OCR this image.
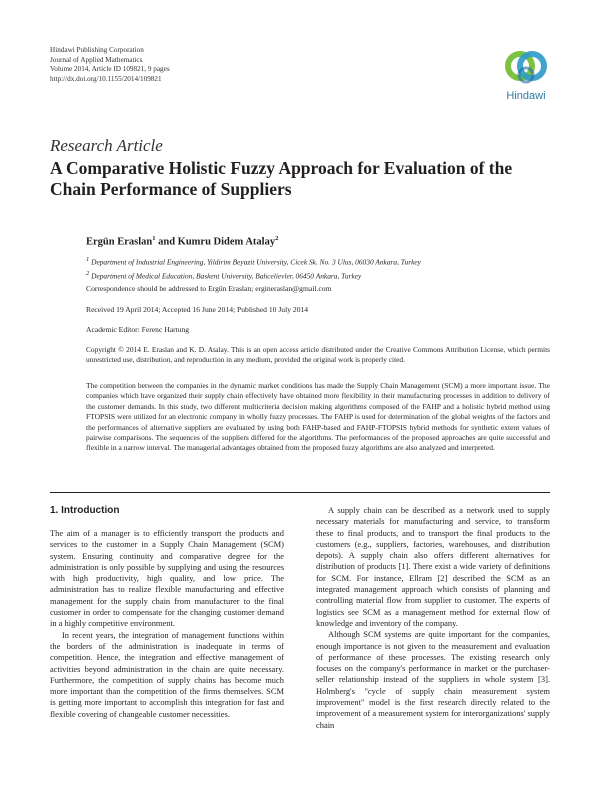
Hindawi Publishing Corporation
Journal of Applied Mathematics
Volume 2014, Article ID 109821, 9 pages
http://dx.doi.org/10.1155/2014/109821
Hindawi
Research Article
A Comparative Holistic Fuzzy Approach for Evaluation of the Chain Performance of Suppliers
Ergün Eraslan$^1$ and Kumru Didem Atalay$^2$
1 Department of Industrial Engineering, Yildirim Beyazit University, Cicek Sk. No. 3 Ulus, 06030 Ankara, Turkey
2 Department of Medical Education, Baskent University, Bahcelievler, 06450 Ankara, Turkey
Correspondence should be addressed to Ergün Eraslan; ergineraslan@gmail.com
Received 19 April 2014; Accepted 16 June 2014; Published 10 July 2014
Academic Editor: Ferenc Hartung
Copyright © 2014 E. Eraslan and K. D. Atalay. This is an open access article distributed under the Creative Commons Attribution License, which permits unrestricted use, distribution, and reproduction in any medium, provided the original work is properly cited.
The competition between the companies in the dynamic market conditions has made the Supply Chain Management (SCM) a more important issue. The companies which have organized their supply chain effectively have obtained more flexibility in their manufacturing processes in addition to delivery of the customer demands. In this study, two different multicriteria decision making algorithms composed of the FAHP and a holistic hybrid method using FTOPSIS were utilized for an electronic company in wholly fuzzy processes. The FAHP is used for determination of the global weights of the factors and the performances of alternative suppliers are evaluated by using both FAHP-based and FAHP-FTOPSIS hybrid methods for synthetic extent values of pairwise comparisons. The sequences of the suppliers differed for the algorithms. The performances of the proposed approaches are quite successful and flexible in a narrow interval. The managerial advantages obtained from the proposed fuzzy algorithms are also analyzed and interpreted.
1. Introduction

The aim of a manager is to efficiently transport the products and services to the customer in a Supply Chain Management (SCM) system. Ensuring continuity and comparative degree for the administration is only possible by supplying and using the resources with high productivity, high quality, and low price. The administration has to realize flexible manufacturing and effective management for the supply chain from manufacturer to the final customer in order to compensate for the changing customer demand in a highly competitive environment.

In recent years, the integration of management functions within the borders of the administration is inadequate in terms of competition. Hence, the integration and effective management of activities beyond administration in the chain are quite necessary. Furthermore, the competition of supply chains has become much more important than the competition of the firms themselves. SCM is getting more important to accomplish this integration for fast and flexible covering of changeable customer necessities.

A supply chain can be described as a network used to supply necessary materials for manufacturing and service, to transform these to final products, and to transport the final products to the customers (e.g., suppliers, factories, warehouses, and distribution depots). A supply chain also offers different alternatives for distribution of products [1]. There exist a wide variety of definitions for SCM. For instance, Ellram [2] described the SCM as an integrated management approach which consists of planning and controlling material flow from supplier to customer. The experts of logistics see SCM as a management method for external flow of knowledge and inventory of the company.

Although SCM systems are quite important for the companies, enough importance is not given to the measurement and evaluation of performance of these processes. The existing research only focuses on the company's performance in market or the purchaser-seller relationship instead of the suppliers in whole system [3]. Holmberg's "cycle of supply chain measurement system improvement" model is the first research directly related to the improvement of a measurement system for interorganizations' supply chain
